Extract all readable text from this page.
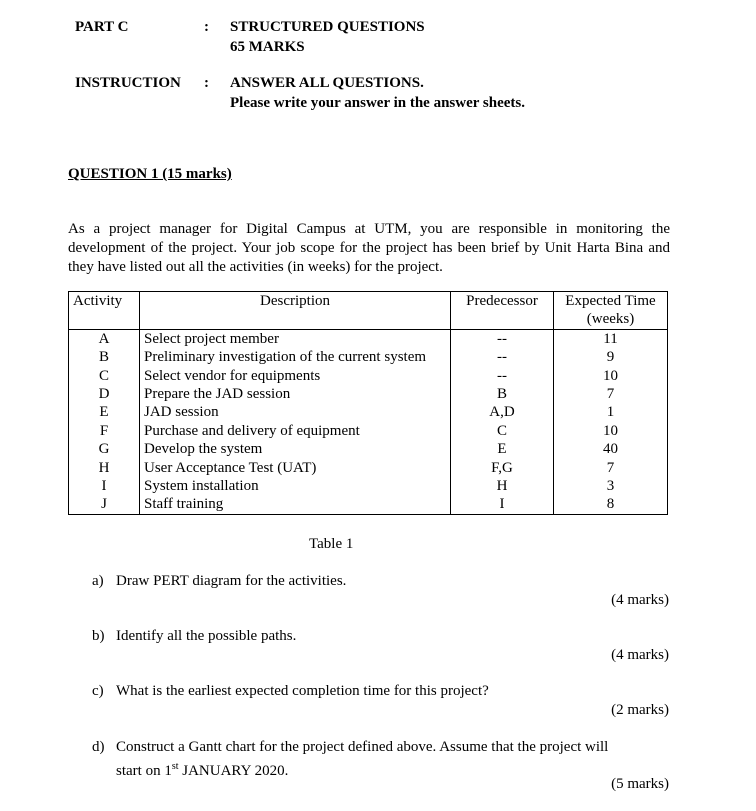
PART C	: STRUCTURED QUESTIONS
65 MARKS
INSTRUCTION : ANSWER ALL QUESTIONS.
Please write your answer in the answer sheets.
QUESTION 1 (15 marks)
As a project manager for Digital Campus at UTM, you are responsible in monitoring the development of the project. Your job scope for the project has been brief by Unit Harta Bina and they have listed out all the activities (in weeks) for the project.
Activity	Description	Predecessor	Expected Time
(weeks)

A	Select project member	--	11
B	Preliminary investigation of the current system	--	9
C	Select vendor for equipments	--	10
D	Prepare the JAD session	B	7
E	JAD session	A,D	1
F	Purchase and delivery of equipment	C	10
G	Develop the system	E	40
H	User Acceptance Test (UAT)	F,G	7
I	System installation	H	3
J	Staff training	I	8
Table 1
a) Draw PERT diagram for the activities.
(4 marks)
b) Identify all the possible paths.
(4 marks)
c) What is the earliest expected completion time for this project?
(2 marks)
d) Construct a Gantt chart for the project defined above. Assume that the project will
start on 1st JANUARY 2020.
(5 marks)
